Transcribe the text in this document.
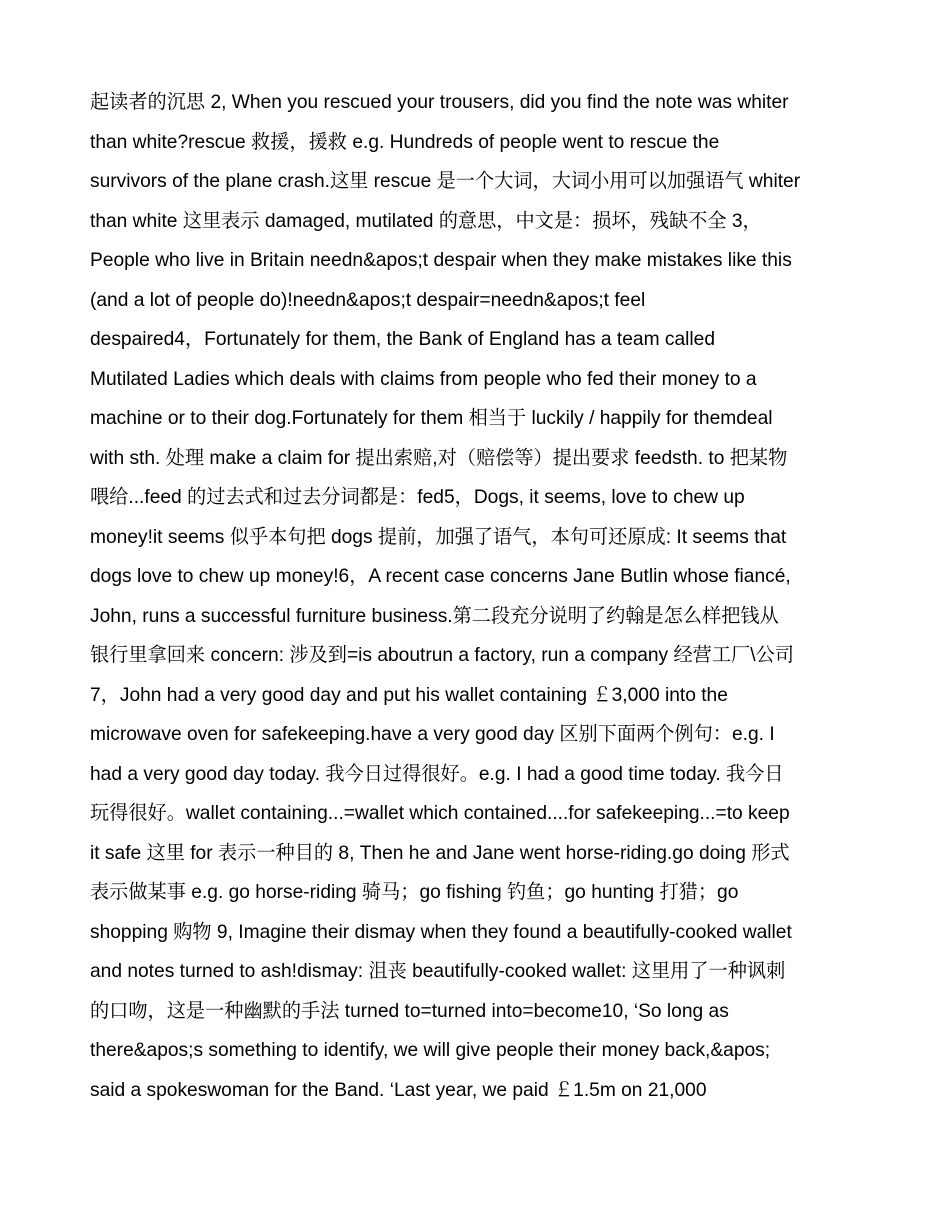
起读者的沉思 2, When you rescued your trousers, did you find the note was whiter
than white?rescue 救援，援救 e.g. Hundreds of people went to rescue the
survivors of the plane crash.这里 rescue 是一个大词，大词小用可以加强语气 whiter
than white 这里表示 damaged, mutilated 的意思，中文是：损坏，残缺不全 3，
People who live in Britain needn&apos;t despair when they make mistakes like this
(and a lot of people do)!needn&apos;t despair=needn&apos;t feel
despaired4，Fortunately for them, the Bank of England has a team called
Mutilated Ladies which deals with claims from people who fed their money to a
machine or to their dog.Fortunately for them 相当于 luckily / happily for themdeal
with sth. 处理 make a claim for 提出索赔,对（赔偿等）提出要求 feedsth. to 把某物
喂给...feed 的过去式和过去分词都是：fed5，Dogs, it seems, love to chew up
money!it seems 似乎本句把 dogs 提前，加强了语气，本句可还原成: It seems that
dogs love to chew up money!6，A recent case concerns Jane Butlin whose fiancé,
John, runs a successful furniture business.第二段充分说明了约翰是怎么样把钱从
银行里拿回来 concern: 涉及到=is aboutrun a factory, run a company 经营工厂\公司
7，John had a very good day and put his wallet containing ￡3,000 into the
microwave oven for safekeeping.have a very good day 区别下面两个例句：e.g. I
had a very good day today. 我今日过得很好。e.g. I had a good time today. 我今日
玩得很好。wallet containing...=wallet which contained....for safekeeping...=to keep
it safe 这里 for 表示一种目的 8, Then he and Jane went horse-riding.go doing 形式
表示做某事 e.g. go horse-riding 骑马；go fishing 钓鱼；go hunting 打猎；go
shopping 购物 9, Imagine their dismay when they found a beautifully-cooked wallet
and notes turned to ash!dismay: 沮丧 beautifully-cooked wallet: 这里用了一种讽刺
的口吻，这是一种幽默的手法 turned to=turned into=become10, ‘So long as
there&apos;s something to identify, we will give people their money back,&apos;
said a spokeswoman for the Band. ‘Last year, we paid ￡1.5m on 21,000
